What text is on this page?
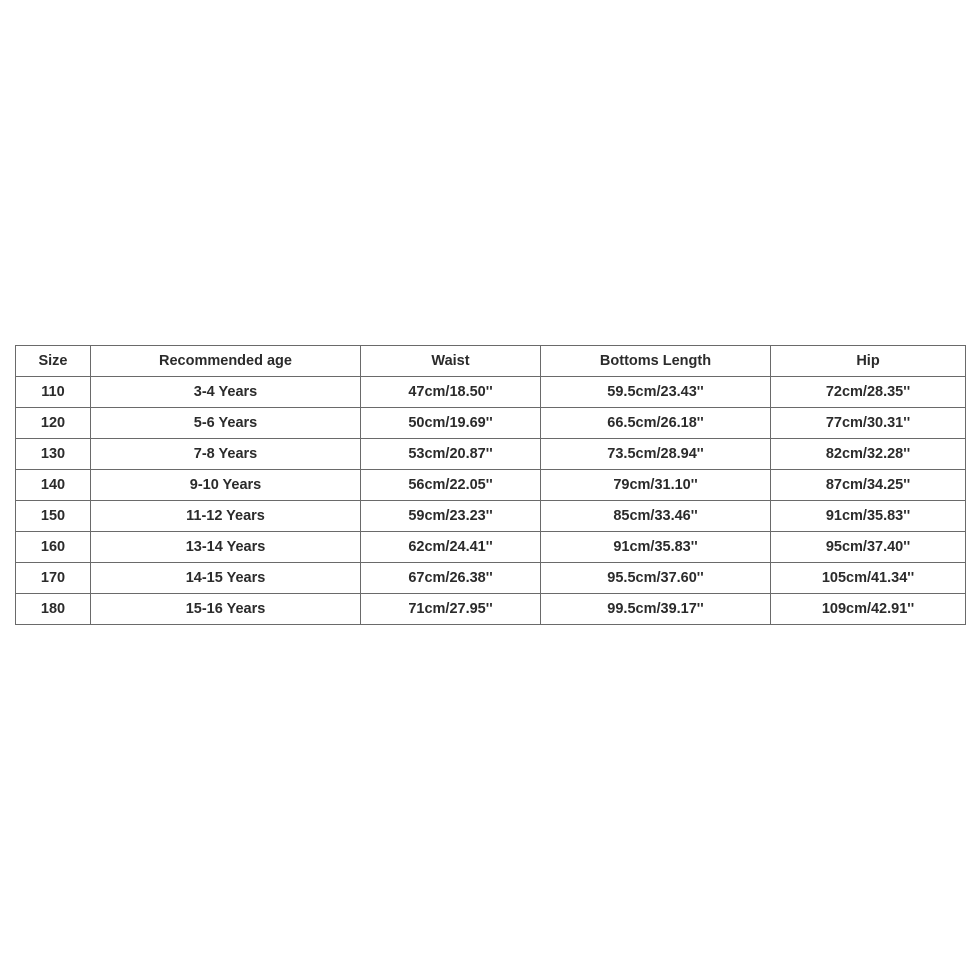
Size	Recommended age	Waist	Bottoms Length	Hip
110	3-4 Years	47cm/18.50''	59.5cm/23.43''	72cm/28.35''
120	5-6 Years	50cm/19.69''	66.5cm/26.18''	77cm/30.31''
130	7-8 Years	53cm/20.87''	73.5cm/28.94''	82cm/32.28''
140	9-10 Years	56cm/22.05''	79cm/31.10''	87cm/34.25''
150	11-12 Years	59cm/23.23''	85cm/33.46''	91cm/35.83''
160	13-14 Years	62cm/24.41''	91cm/35.83''	95cm/37.40''
170	14-15 Years	67cm/26.38''	95.5cm/37.60''	105cm/41.34''
180	15-16 Years	71cm/27.95''	99.5cm/39.17''	109cm/42.91''
